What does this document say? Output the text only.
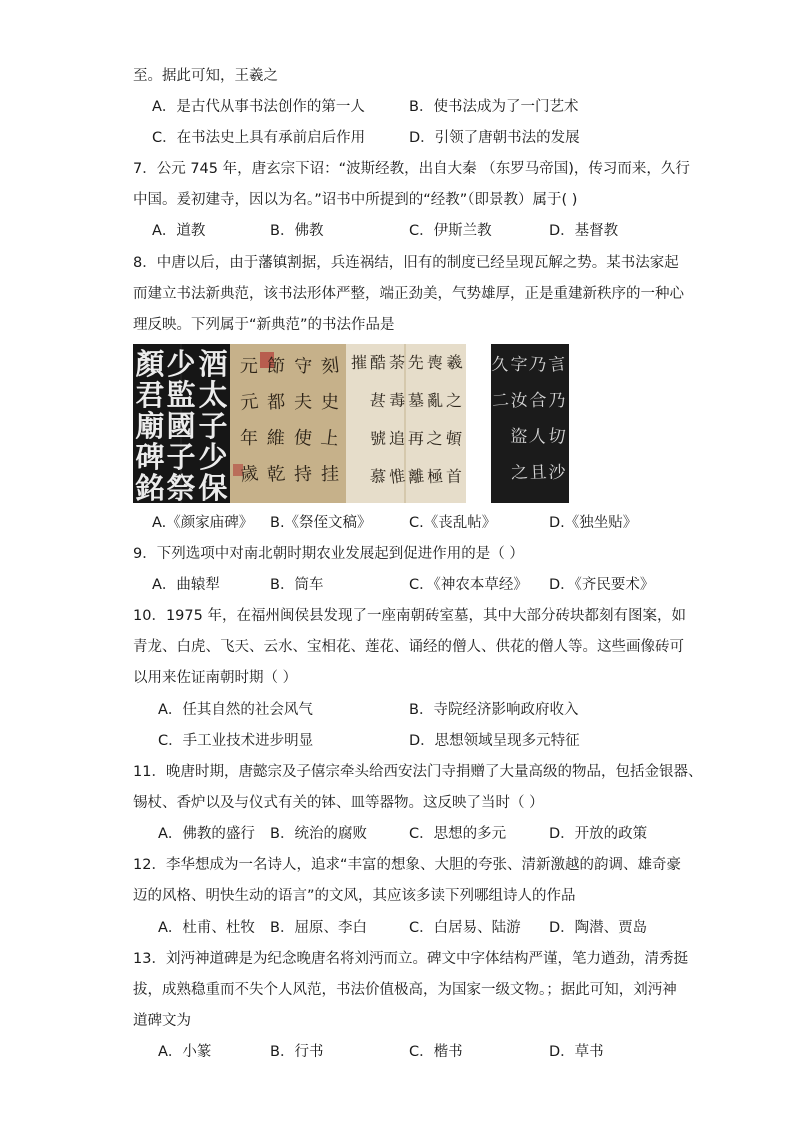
至。据此可知，王羲之
A．是古代从事书法创作的第一人	B．使书法成为了一门艺术
C．在书法史上具有承前启后作用	D．引领了唐朝书法的发展
7．公元 745 年，唐玄宗下诏：“波斯经教，出自大秦 （东罗马帝国)，传习而来，久行
中国。爰初建寺，因以为名。”诏书中所提到的“经教”（即景教）属于( )
A．道教	B．佛教	C．伊斯兰教	D．基督教
8．中唐以后，由于藩镇割据，兵连祸结，旧有的制度已经呈现瓦解之势。某书法家起
而建立书法新典范，该书法形体严整，端正劲美，气势雄厚，正是重建新秩序的一种心
理反映。下列属于“新典范”的书法作品是
顏
君
廟
碑
銘
少
監
國
子
祭
酒
太
子
少
保
刻
史
上
挂
守
夫
使
持
節
都
維
乾
元
元
年
歲
羲
之
頓
首
喪
亂
之
極
先
墓
再
離
荼
毒
追
惟
酷
甚
號
慕
摧	言
乃
切
沙
乃
合
人
且
字
汝
盜
之
久
二
A.《颜家庙碑》 B.《祭侄文稿》	C.《丧乱帖》	D.《独坐贴》
9．下列选项中对南北朝时期农业发展起到促进作用的是（ ）
A．曲辕犁	B．筒车	C．《神农本草经》 D．《齐民要术》
10．1975 年，在福州闽侯县发现了一座南朝砖室墓，其中大部分砖块都刻有图案，如
青龙、白虎、飞天、云水、宝相花、莲花、诵经的僧人、供花的僧人等。这些画像砖可
以用来佐证南朝时期（ ）
A．任其自然的社会风气	B．寺院经济影响政府收入
C．手工业技术进步明显	D．思想领域呈现多元特征
11．晚唐时期，唐懿宗及子僖宗牵头给西安法门寺捐赠了大量高级的物品，包括金银器、
锡杖、香炉以及与仪式有关的钵、皿等器物。这反映了当时（ ）
A．佛教的盛行 B．统治的腐败	C．思想的多元	D．开放的政策
12．李华想成为一名诗人，追求“丰富的想象、大胆的夸张、清新激越的韵调、雄奇豪
迈的风格、明快生动的语言”的文风，其应该多读下列哪组诗人的作品
A．杜甫、杜牧 B．屈原、李白	C．白居易、陆游 D．陶潜、贾岛
13．刘沔神道碑是为纪念晚唐名将刘沔而立。碑文中字体结构严谨，笔力遒劲，清秀挺
拔，成熟稳重而不失个人风范，书法价值极高，为国家一级文物。；据此可知，刘沔神
道碑文为
A．小篆	B．行书	C．楷书	D．草书
